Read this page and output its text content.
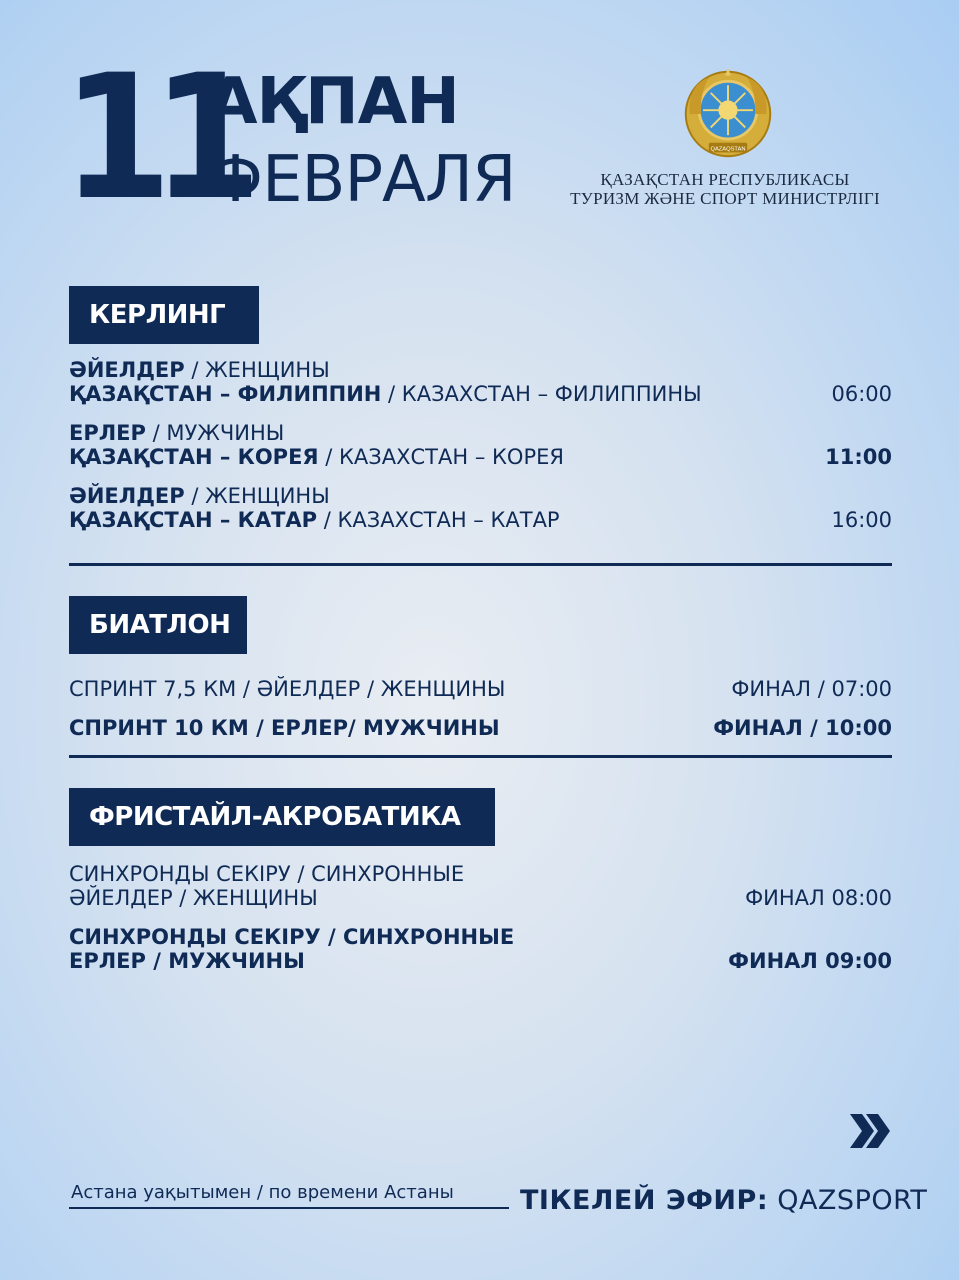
11
АҚПАН
ФЕВРАЛЯ	QAZAQSTAN
ҚАЗАҚСТАН РЕСПУБЛИКАСЫ
ТУРИЗМ ЖӘНЕ СПОРТ МИНИСТРЛІГІ
КЕРЛИНГ
ӘЙЕЛДЕР / ЖЕНЩИНЫ
ҚАЗАҚСТАН – ФИЛИППИН / КАЗАХСТАН – ФИЛИППИНЫ	06:00
ЕРЛЕР / МУЖЧИНЫ
ҚАЗАҚСТАН – КОРЕЯ / КАЗАХСТАН – КОРЕЯ	11:00
ӘЙЕЛДЕР / ЖЕНЩИНЫ
ҚАЗАҚСТАН – КАТАР / КАЗАХСТАН – КАТАР	16:00
БИАТЛОН
СПРИНТ 7,5 КМ / ӘЙЕЛДЕР / ЖЕНЩИНЫ	ФИНАЛ / 07:00
СПРИНТ 10 КМ / ЕРЛЕР/ МУЖЧИНЫ	ФИНАЛ / 10:00
ФРИСТАЙЛ-АКРОБАТИКА
СИНХРОНДЫ СЕКІРУ / СИНХРОННЫЕ
ӘЙЕЛДЕР / ЖЕНЩИНЫ	ФИНАЛ 08:00
СИНХРОНДЫ СЕКІРУ / СИНХРОННЫЕ
ЕРЛЕР / МУЖЧИНЫ	ФИНАЛ 09:00
Астана уақытымен / по времени Астаны	ТІКЕЛЕЙ ЭФИР: QAZSPORT
